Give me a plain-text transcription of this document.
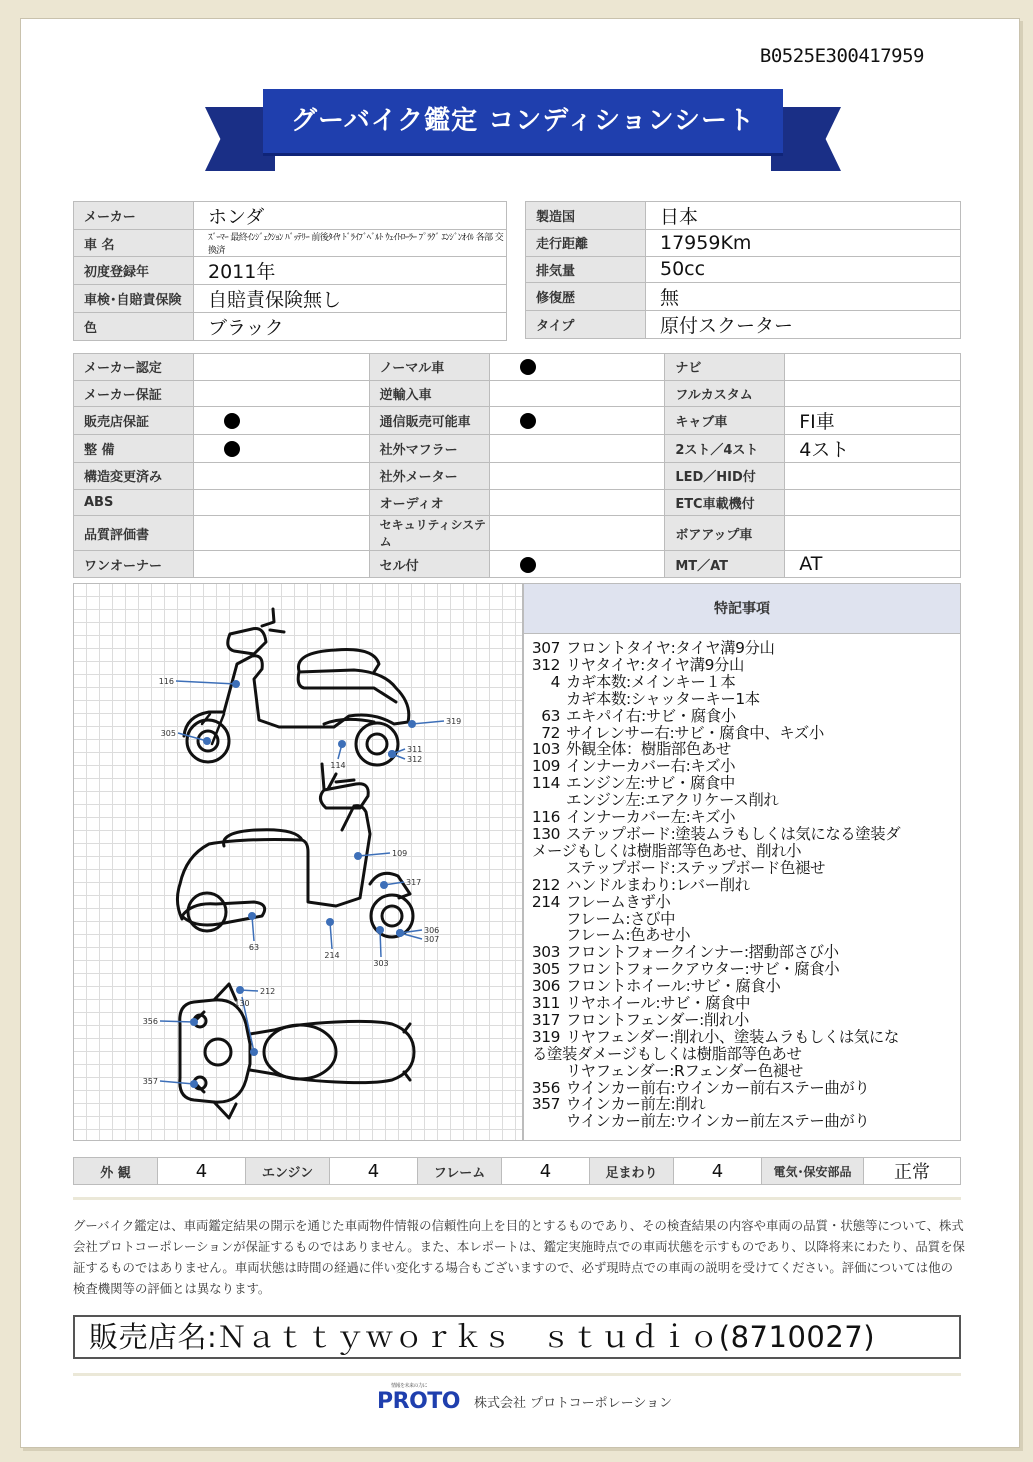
B0525E300417959
グーバイク鑑定 コンディションシート
メーカー	ホンダ
車 名	ｽﾞｰﾏｰ 最終ｲﾝｼﾞｪｸｼｮﾝ ﾊﾞｯﾃﾘｰ 前後ﾀｲﾔ ﾄﾞﾗｲﾌﾞﾍﾞﾙﾄ ｳｪｲﾄﾛｰﾗｰ ﾌﾟﾗｸﾞ ｴﾝｼﾞﾝｵｲﾙ 各部 交換済
初度登録年	2011年
車検･自賠責保険	自賠責保険無し
色	ブラック
製造国	日本
走行距離	17959Km
排気量	50cc
修復歴	無
タイプ	原付スクーター
メーカー認定		ノーマル車		ナビ	
メーカー保証		逆輸入車		フルカスタム	
販売店保証		通信販売可能車		キャブ車	FI車
整 備		社外マフラー		2スト／4スト	4スト
構造変更済み		社外メーター		LED／HID付	
ABS		オーディオ		ETC車載機付	
品質評価書		セキュリティシステム		ボアアップ車	
ワンオーナー		セル付		MT／AT	AT
116
305
114
319
311
312
109
317
63
214
303
306
307
212
130
356
357
特記事項
307 フロントタイヤ:タイヤ溝9分山
312 リヤタイヤ:タイヤ溝9分山
4 カギ本数:メインキー１本
カギ本数:シャッターキー1本
63 エキパイ右:サビ・腐食小
72 サイレンサー右:サビ・腐食中、キズ小
103 外観全体：樹脂部色あせ
109 インナーカバー右:キズ小
114 エンジン左:サビ・腐食中
エンジン左:エアクリケース削れ
116 インナーカバー左:キズ小
130 ステップボード:塗装ムラもしくは気になる塗装ダ
メージもしくは樹脂部等色あせ、削れ小
ステップボード:ステップボード色褪せ
212 ハンドルまわり:レバー削れ
214 フレームきず小
フレーム:さび中
フレーム:色あせ小
303 フロントフォークインナー:摺動部さび小
305 フロントフォークアウター:サビ・腐食小
306 フロントホイール:サビ・腐食小
311 リヤホイール:サビ・腐食中
317 フロントフェンダー:削れ小
319 リヤフェンダー:削れ小、塗装ムラもしくは気にな
る塗装ダメージもしくは樹脂部等色あせ
リヤフェンダー:Rフェンダー色褪せ
356 ウインカー前右:ウインカー前右ステー曲がり
357 ウインカー前左:削れ
ウインカー前左:ウインカー前左ステー曲がり
外 観	4	エンジン	4	フレーム	4	足まわり	4	電気･保安部品	正常
グーバイク鑑定は、車両鑑定結果の開示を通じた車両物件情報の信頼性向上を目的とするものであり、その検査結果の内容や車両の品質・状態等について、株式会社プロトコーポレーションが保証するものではありません。また、本レポートは、鑑定実施時点での車両状態を示すものであり、以降将来にわたり、品質を保証するものではありません。車両状態は時間の経過に伴い変化する場合もございますので、必ず現時点での車両の説明を受けてください。評価については他の検査機関等の評価とは異なります。
販売店名:Ｎａｔｔｙｗｏｒｋｓ　ｓｔｕｄｉｏ(8710027)
情報を未来の力に
PROTO 株式会社 プロトコーポレーション
